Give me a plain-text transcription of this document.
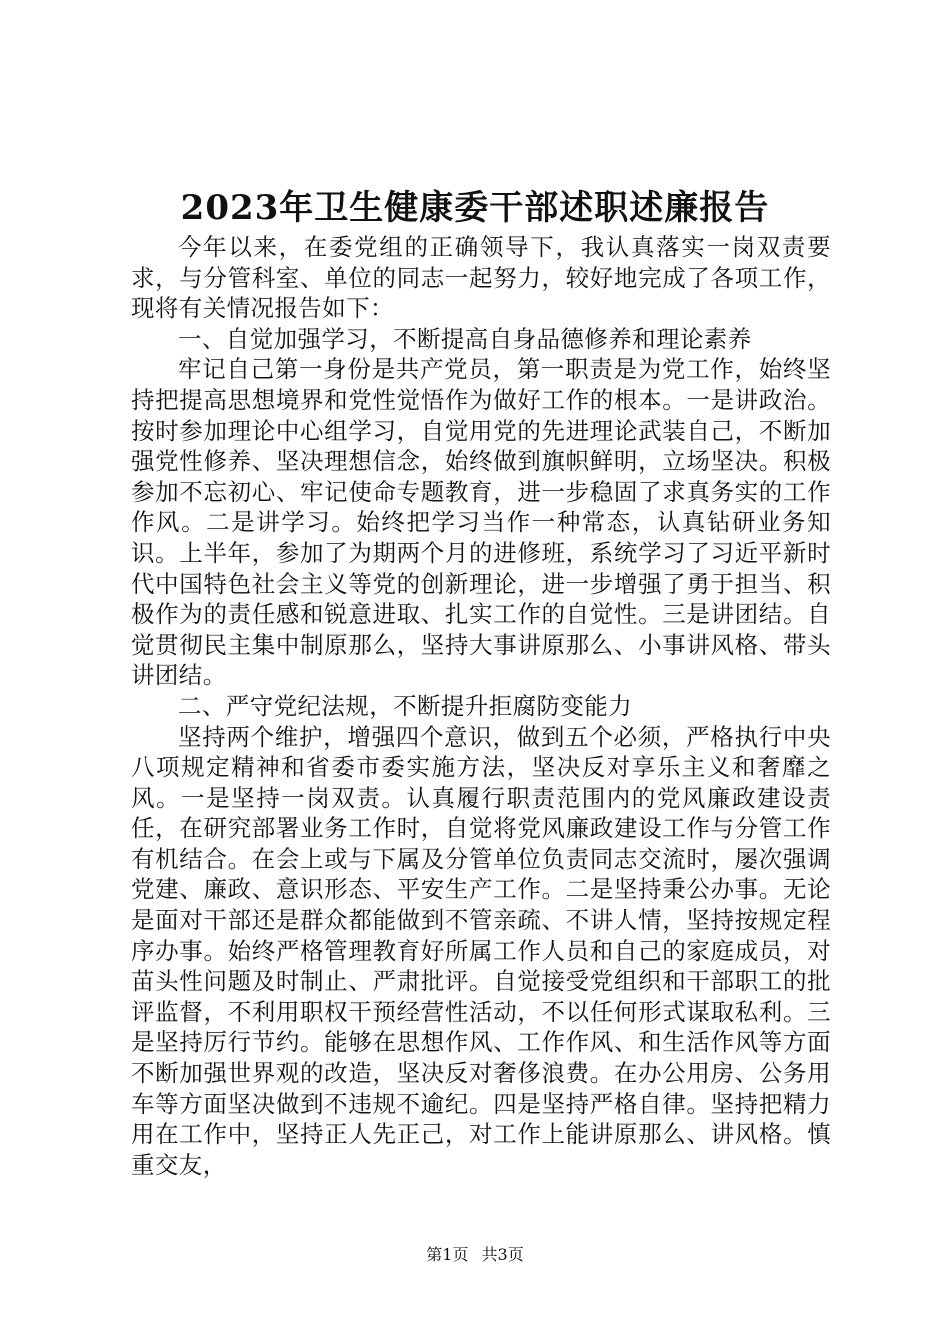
2023年卫生健康委干部述职述廉报告

今年以来，在委党组的正确领导下，我认真落实一岗双责要求，与分管科室、单位的同志一起努力，较好地完成了各项工作，现将有关情况报告如下：

一、自觉加强学习，不断提高自身品德修养和理论素养

牢记自己第一身份是共产党员，第一职责是为党工作，始终坚持把提高思想境界和党性觉悟作为做好工作的根本。一是讲政治。按时参加理论中心组学习，自觉用党的先进理论武装自己，不断加强党性修养、坚决理想信念，始终做到旗帜鲜明，立场坚决。积极参加不忘初心、牢记使命专题教育，进一步稳固了求真务实的工作作风。二是讲学习。始终把学习当作一种常态，认真钻研业务知识。上半年，参加了为期两个月的进修班，系统学习了习近平新时代中国特色社会主义等党的创新理论，进一步增强了勇于担当、积极作为的责任感和锐意进取、扎实工作的自觉性。三是讲团结。自觉贯彻民主集中制原那么，坚持大事讲原那么、小事讲风格、带头讲团结。

二、严守党纪法规，不断提升拒腐防变能力

坚持两个维护，增强四个意识，做到五个必须，严格执行中央八项规定精神和省委市委实施方法，坚决反对享乐主义和奢靡之风。一是坚持一岗双责。认真履行职责范围内的党风廉政建设责任，在研究部署业务工作时，自觉将党风廉政建设工作与分管工作有机结合。在会上或与下属及分管单位负责同志交流时，屡次强调党建、廉政、意识形态、平安生产工作。二是坚持秉公办事。无论是面对干部还是群众都能做到不管亲疏、不讲人情，坚持按规定程序办事。始终严格管理教育好所属工作人员和自己的家庭成员，对苗头性问题及时制止、严肃批评。自觉接受党组织和干部职工的批评监督，不利用职权干预经营性活动，不以任何形式谋取私利。三是坚持厉行节约。能够在思想作风、工作作风、和生活作风等方面不断加强世界观的改造，坚决反对奢侈浪费。在办公用房、公务用车等方面坚决做到不违规不逾纪。四是坚持严格自律。坚持把精力用在工作中，坚持正人先正己，对工作上能讲原那么、讲风格。慎重交友，

第1页 共3页
